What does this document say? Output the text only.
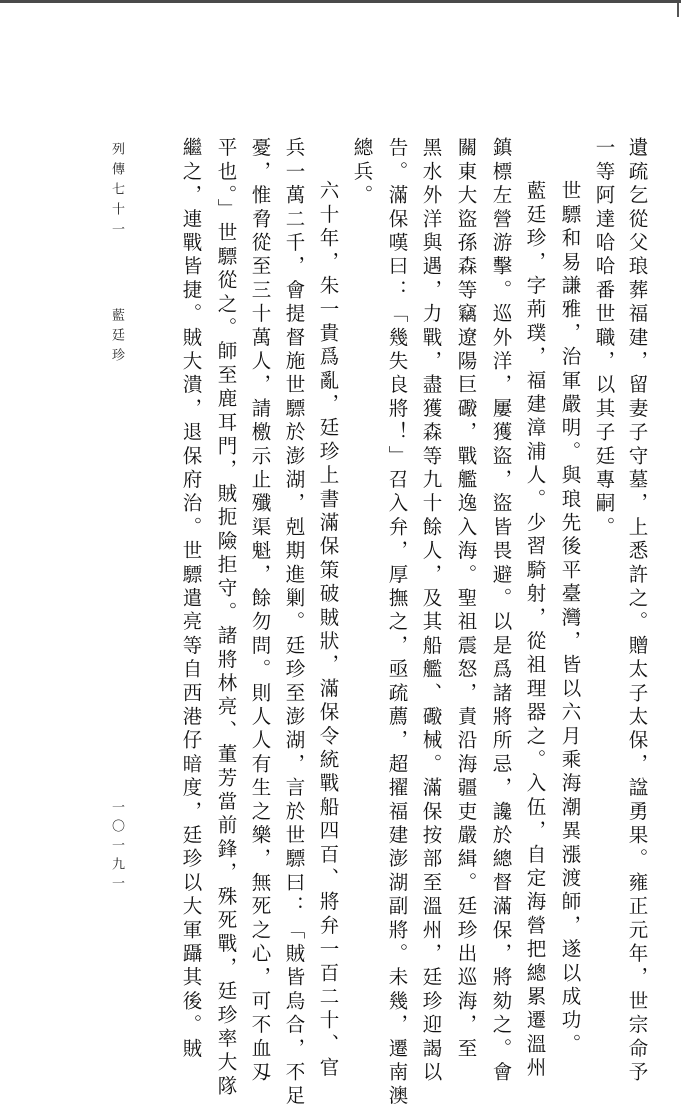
遺疏乞從父琅葬福建，留妻子守墓，上悉許之。贈太子太保，諡勇果。雍正元年，世宗命予
一等阿達哈哈番世職，以其子廷專嗣。
世驃和易謙雅，治軍嚴明。與琅先後平臺灣，皆以六月乘海潮異漲渡師，遂以成功。
藍廷珍，字荊璞，福建漳浦人。少習騎射，從祖理器之。入伍，自定海營把總累遷溫州
鎮標左營游擊。巡外洋，屢獲盜，盜皆畏避。以是爲諸將所忌，讒於總督滿保，將劾之。會
關東大盜孫森等竊遼陽巨礮，戰艦逸入海。聖祖震怒，責沿海疆吏嚴緝。廷珍出巡海，至
黑水外洋與遇，力戰，盡獲森等九十餘人，及其船艦、礮械。滿保按部至溫州，廷珍迎謁以
告。滿保嘆曰：「幾失良將！」召入弁，厚撫之，亟疏薦，超擢福建澎湖副將。未幾，遷南澳
總兵。
六十年，朱一貴爲亂，廷珍上書滿保策破賊狀，滿保令統戰船四百、將弁一百二十、官
兵一萬二千，會提督施世驃於澎湖，剋期進剿。廷珍至澎湖，言於世驃曰：「賊皆烏合，不足
憂，惟脅從至三十萬人，請檄示止殲渠魁，餘勿問。則人人有生之樂，無死之心，可不血刄
平也。」世驃從之。師至鹿耳門，賊扼險拒守。諸將林亮、董芳當前鋒，殊死戰，廷珍率大隊
繼之，連戰皆捷。賊大潰，退保府治。世驃遣亮等自西港仔暗度，廷珍以大軍躡其後。賊
列傳七十一
藍廷珍
一〇一九一
